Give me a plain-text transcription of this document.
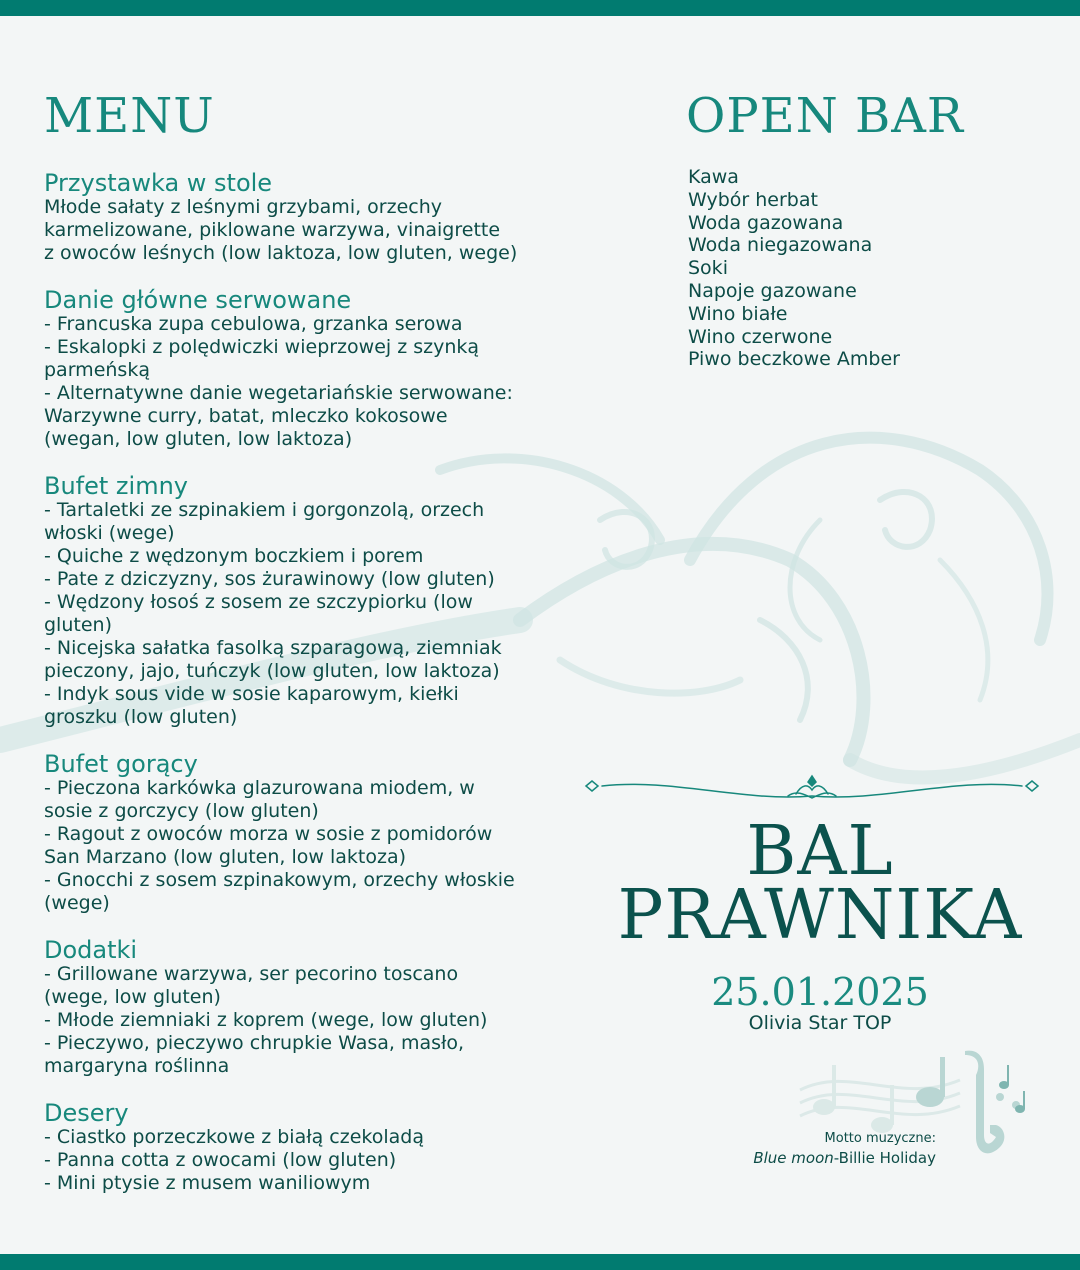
MENU	OPEN BAR
Przystawka w stole
Młode sałaty z leśnymi grzybami, orzechy
karmelizowane, piklowane warzywa, vinaigrette
z owoców leśnych (low laktoza, low gluten, wege)
Danie główne serwowane
- Francuska zupa cebulowa, grzanka serowa
- Eskalopki z polędwiczki wieprzowej z szynką
parmeńską
- Alternatywne danie wegetariańskie serwowane:
Warzywne curry, batat, mleczko kokosowe
(wegan, low gluten, low laktoza)
Bufet zimny
- Tartaletki ze szpinakiem i gorgonzolą, orzech
włoski (wege)
- Quiche z wędzonym boczkiem i porem
- Pate z dziczyzny, sos żurawinowy (low gluten)
- Wędzony łosoś z sosem ze szczypiorku (low
gluten)
- Nicejska sałatka fasolką szparagową, ziemniak
pieczony, jajo, tuńczyk (low gluten, low laktoza)
- Indyk sous vide w sosie kaparowym, kiełki
groszku (low gluten)
Bufet gorący
- Pieczona karkówka glazurowana miodem, w
sosie z gorczycy (low gluten)
- Ragout z owoców morza w sosie z pomidorów
San Marzano (low gluten, low laktoza)
- Gnocchi z sosem szpinakowym, orzechy włoskie
(wege)
Dodatki
- Grillowane warzywa, ser pecorino toscano
(wege, low gluten)
- Młode ziemniaki z koprem (wege, low gluten)
- Pieczywo, pieczywo chrupkie Wasa, masło,
margaryna roślinna
Desery
- Ciastko porzeczkowe z białą czekoladą
- Panna cotta z owocami (low gluten)
- Mini ptysie z musem waniliowym
Kawa
Wybór herbat
Woda gazowana
Woda niegazowana
Soki
Napoje gazowane
Wino białe
Wino czerwone
Piwo beczkowe Amber
BAL
PRAWNIKA
25.01.2025
Olivia Star TOP
Motto muzyczne:
Blue moon-Billie Holiday
